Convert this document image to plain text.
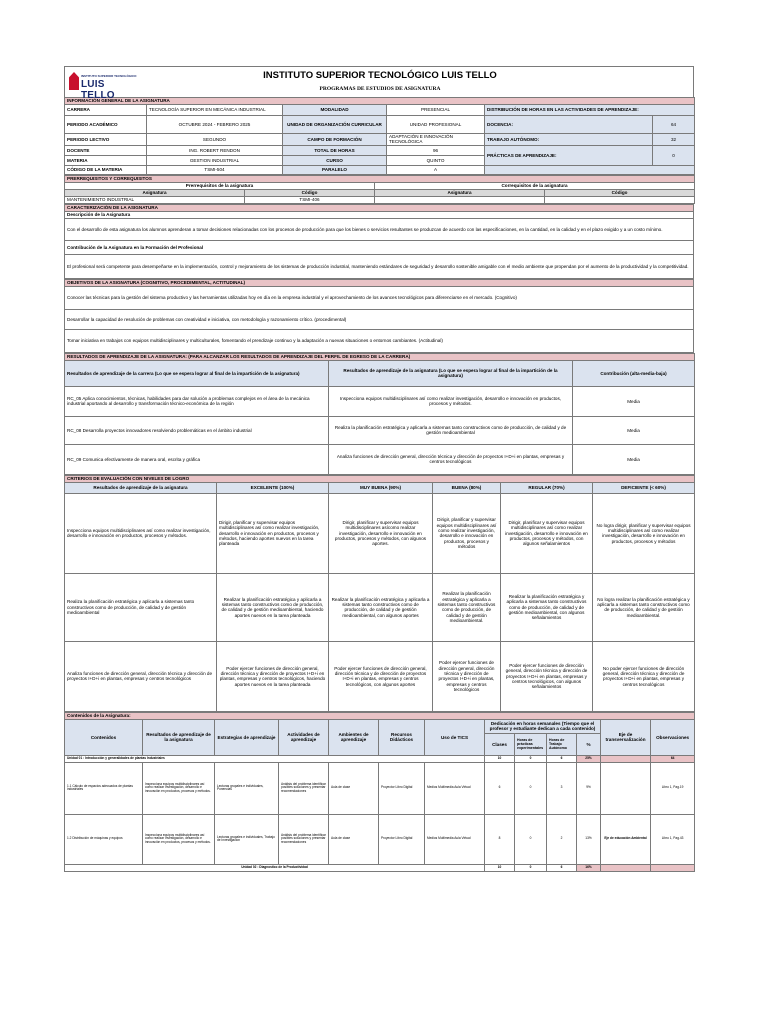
INSTITUTO SUPERIOR TECNOLÓGICO
LUIS TELLO
INSTITUTO SUPERIOR TECNOLÓGICO LUIS TELLO
PROGRAMAS DE ESTUDIOS DE ASIGNATURA
INFORMACIÓN GENERAL DE LA ASIGNATURA					
CARRERA	TECNOLOGÍA SUPERIOR EN MECÁNICA INDUSTRIAL	MODALIDAD	PRESENCIAL	DISTRIBUCIÓN DE HORAS EN LAS ACTIVIDADES DE APRENDIZAJE:	
PERIODO ACADÉMICO	OCTUBRE 2024 - FEBRERO 2025	UNIDAD DE ORGANIZACIÓN CURRICULAR	UNIDAD PROFESIONAL	DOCENCIA:	64
PERIODO LECTIVO	SEGUNDO	CAMPO DE FORMACIÓN	ADAPTACIÓN E INNOVACIÓN TECNOLÓGICA	TRABAJO AUTÓNOMO:	32
DOCENTE	ING. ROBERT RENDON	TOTAL DE HORAS	96	PRÁCTICAS DE APRENDIZAJE:	0
MATERIA	GESTION INDUSTRIAL	CURSO	QUINTO		
CÓDIGO DE LA MATERIA	TSMI-504	PARALELO	A		
PRERREQUISITOS Y CORREQUISITOS			
Prerrequisitos de la asignatura		Correquisitos de la asignatura	
Asignatura	Código	Asignatura	Código
MANTENIMIENTO INDUSTRIAL	TSMI-406		
CARACTERIZACIÓN DE LA ASIGNATURA
Descripción de la Asignatura
Con el desarrollo de esta asignatura los alumnos aprenderan a tomar decisiones relacionadas con los procesos de producción para que los bienes o servicios resultantes se produzcan de acuerdo con las especificaciones, en la cantidad, en la calidad y en el plazo exigido y a un costo mínimo.
Contribución de la Asignatura en la Formación del Profesional
El profesional será competente para desempeñarse en la implementación, control y mejoramiento de los sistemas de producción industrial, manteniendo estándares de seguridad y desarrollo sostenible amigable con el medio ambiente que propendan por el aumento de la productividad y la competitividad.
OBJETIVOS DE LA ASIGNATURA (COGNITIVO, PROCEDIMENTAL, ACTITUDINAL)
Conocer las técnicas para la gestión del sistema productivo y las herramientas utilizadas hoy en día en la empresa industrial y el aprovechamiento de los avances tecnológicos para diferenciarse en el mercado. (Cognitivo)
Desarrollar la capacidad de resolución de problemas con creatividad e iniciativa, con metodología y razonamiento crítico. (procedimental)
Tomar iniciativa en trabajos con equipos multidisciplinares y multiculturales, fomentando el prendizaje continuo y la adaptación a nuevas situaciones o entornos cambiantes. (Actitudinal)
RESULTADOS DE APRENDIZAJE DE LA ASIGNATURA: (PARA ALCANZAR LOS RESULTADOS DE APRENDIZAJE DEL PERFIL DE EGRESO DE LA CARRERA)		
Resultados de aprendizaje de la carrera (Lo que se espera lograr al final de la impartición de la asignatura)	Resultados de aprendizaje de la asignatura (Lo que se espera lograr al final de la impartición de la asignatura)	Contribución (alta-media-baja)
RC_05 Aplica conocimientos, técnicas, habilidades para dar solución a problemas complejos en el área de la mecánica industrial aportando al desarrollo y transformación técnico-económica de la región	Inspecciona equipos multidisciplinares así como realizar investigación, desarrollo e innovación en productos, procesos y métodos.	Media
RC_08 Desarrolla proyectos innovadores resolviendo problemáticas en el ámbito industrial	Realiza la planificación estratégica y aplicarla a sistemas tanto constructivos como de producción, de calidad y de gestión medioambiental	Media
RC_09 Comunica efectivamente de manera oral, escrita y gráfica	Analiza funciones de dirección general, dirección técnica y dirección de proyectos I+D+i en plantas, empresas y centros tecnológicos	Media
CRITERIOS DE EVALUACIÓN CON NIVELES DE LOGRO					
Resultados de aprendizaje de la asignatura	EXCELENTE (100%)	MUY BUENA (90%)	BUENA (80%)	REGULAR (70%)	DEFICIENTE (< 60%)
Inspecciona equipos multidisciplinares así como realizar investigación, desarrollo e innovación en productos, procesos y métodos.	Dirigir, planificar y supervisar equipos multidisciplinares así como realizar investigación, desarrollo e innovación en productos, procesos y métodos, haciendo aportes nuevos en la tarea planteada	Dirigir, planificar y supervisar equipos multidisciplinares asícomo realizar investigación, desarrollo e innovación en productos, procesos y métodos, con algunos aportes.	Dirigir, planificar y supervisar equipos multidisciplinares así como realizar investigación, desarrollo e innovación en productos, procesos y métodos	Dirigir, planificar y supervisar equipos multidisciplinares así como realizar investigación, desarrollo e innovación en productos, procesos y métodos, con algunos señalamientos	No logra dirigir, planificar y supervisar equipos multidisciplinares así como realizar investigación, desarrollo e innovación en productos, procesos y métodos
Realiza la planificación estratégica y aplicarla a sistemas tanto constructivos como de producción, de calidad y de gestión medioambiental	Realizar la planificación estratégica y aplicarla a sistemas tanto constructivos como de producción, de calidad y de gestión medioambiental, haciendo aportes nuevos en la tarea planteada	Realizar la planificación estratégica y aplicarla a sistemas tanto constructivos como de producción, de calidad y de gestión medioambiental, con algunos aportes	Realizar la planificación estratégica y aplicarla a sistemas tanto constructivos como de producción, de calidad y de gestión medioambiental.	Realizar la planificación estratégica y aplicarla a sistemas tanto constructivos como de producción, de calidad y de gestión medioambiental, con algunos señalamientos	No logra realizar la planificación estratégica y aplicarla a sistemas tanto constructivos como de producción, de calidad y de gestión medioambiental.
Analiza funciones de dirección general, dirección técnica y dirección de proyectos I+D+i en plantas, empresas y centros tecnológicos	Poder ejercer funciones de dirección general, dirección técnica y dirección de proyectos I+D+i en plantas, empresas y centros tecnológicos, haciendo aportes nuevos en la tarea planteada	Poder ejercer funciones de dirección general, dirección técnica y de dirección de proyectos I+D+i en plantas, empresas y centros tecnológicos, con algunos aportes	Poder ejercer funciones de dirección general, dirección técnica y dirección de proyectos I+D+i en plantas, empresas y centros tecnológicos	Poder ejercer funciones de dirección general, dirección técnica y dirección de proyectos I+D+i en plantas, empresas y centros tecnológicos, con algunos señalamientos	No poder ejercer funciones de dirección general, dirección técnica y dirección de proyectos I+D+i en plantas, empresas y centros tecnológicos
Contenidos de la Asignatura:												
Contenidos	Resultados de aprendizaje de la asignatura	Estrategias de aprendizaje	Actividades de aprendizaje	Ambientes de aprendizaje	Recursos Didácticos	Uso de TICS	Dedicación en horas semanales (Tiempo que el profesor y estudiante dedican a cada contenido)				Eje de transversalización	Observaciones
							Clases	Horas de prácticas experimentales	Horas de Trabajo Autónomo	%		
Unidad 01 : Introducción y generalidades de plantas Industriales							10	0	6	25%		64
1.1 Cálculo de espacios adecuados de plantas industriales	Inspecciona equipos multidisciplinares así como realizar investigación, desarrollo e innovación en productos, procesos y métodos.	Lecturas grupales e individuales, Ponencias	Análisis del problema identificar posibles soluciones y presentar recomendaciones	Aula de clase	Proyector Libro Digital	Medios Multimedia Aula Virtual	6	0	3	9%		Libro 1, Pag.19
1.2 Distribución de máquinas y equipos	Inspecciona equipos multidisciplinares así como realizar investigación, desarrollo e innovación en productos, procesos y métodos.	Lecturas grupales e individuales, Trabajo de Investigacion	Análisis del problema identificar posibles soluciones y presentar recomendaciones	Aula de clase	Proyector Libro Digital	Medios Multimedia Aula Virtual	8	0	2	13%	Eje de educación Ambiental	Libro 1, Pag.43
Unidad 02 : Diagnostico de la Productividad							10	0	6	16%		
